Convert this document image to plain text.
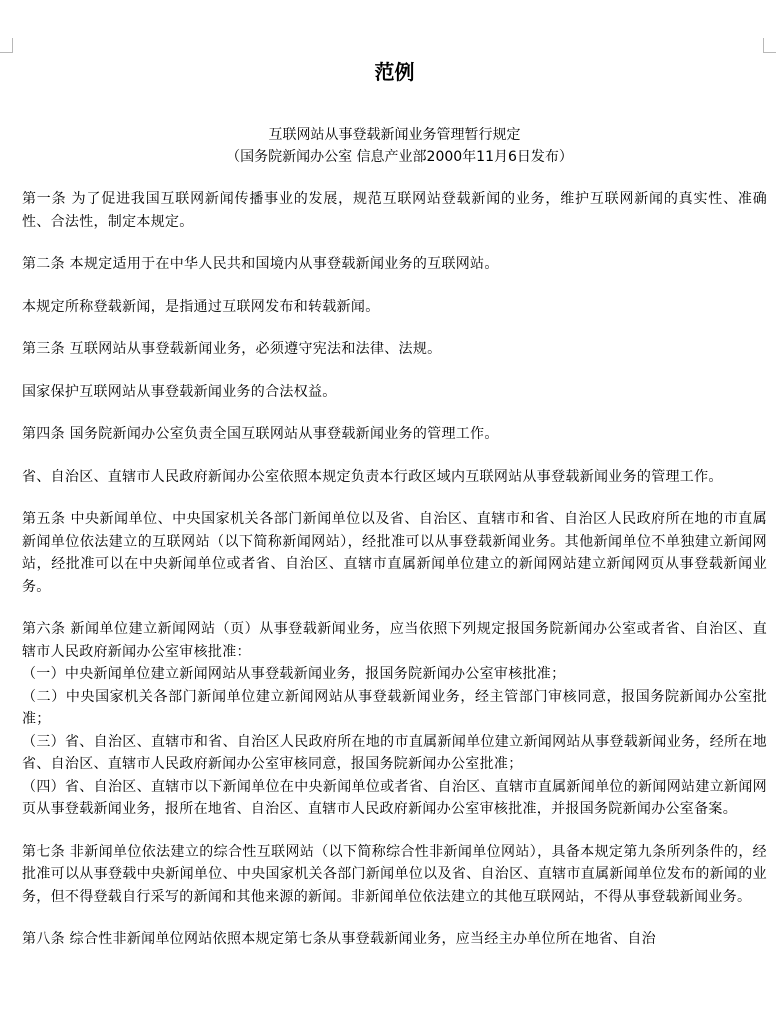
范例
互联网站从事登载新闻业务管理暂行规定
（国务院新闻办公室 信息产业部2000年11月6日发布）

第一条 为了促进我国互联网新闻传播事业的发展，规范互联网站登载新闻的业务，维护互联网新闻的真实性、准确性、合法性，制定本规定。

第二条 本规定适用于在中华人民共和国境内从事登载新闻业务的互联网站。

本规定所称登载新闻，是指通过互联网发布和转载新闻。

第三条 互联网站从事登载新闻业务，必须遵守宪法和法律、法规。

国家保护互联网站从事登载新闻业务的合法权益。

第四条 国务院新闻办公室负责全国互联网站从事登载新闻业务的管理工作。

省、自治区、直辖市人民政府新闻办公室依照本规定负责本行政区域内互联网站从事登载新闻业务的管理工作。

第五条 中央新闻单位、中央国家机关各部门新闻单位以及省、自治区、直辖市和省、自治区人民政府所在地的市直属新闻单位依法建立的互联网站（以下简称新闻网站），经批准可以从事登载新闻业务。其他新闻单位不单独建立新闻网站，经批准可以在中央新闻单位或者省、自治区、直辖市直属新闻单位建立的新闻网站建立新闻网页从事登载新闻业务。

第六条 新闻单位建立新闻网站（页）从事登载新闻业务，应当依照下列规定报国务院新闻办公室或者省、自治区、直辖市人民政府新闻办公室审核批准：

（一）中央新闻单位建立新闻网站从事登载新闻业务，报国务院新闻办公室审核批准；

（二）中央国家机关各部门新闻单位建立新闻网站从事登载新闻业务，经主管部门审核同意，报国务院新闻办公室批准；

（三）省、自治区、直辖市和省、自治区人民政府所在地的市直属新闻单位建立新闻网站从事登载新闻业务，经所在地省、自治区、直辖市人民政府新闻办公室审核同意，报国务院新闻办公室批准；

（四）省、自治区、直辖市以下新闻单位在中央新闻单位或者省、自治区、直辖市直属新闻单位的新闻网站建立新闻网页从事登载新闻业务，报所在地省、自治区、直辖市人民政府新闻办公室审核批准，并报国务院新闻办公室备案。

第七条 非新闻单位依法建立的综合性互联网站（以下简称综合性非新闻单位网站），具备本规定第九条所列条件的，经批准可以从事登载中央新闻单位、中央国家机关各部门新闻单位以及省、自治区、直辖市直属新闻单位发布的新闻的业务，但不得登载自行采写的新闻和其他来源的新闻。非新闻单位依法建立的其他互联网站，不得从事登载新闻业务。

第八条 综合性非新闻单位网站依照本规定第七条从事登载新闻业务，应当经主办单位所在地省、自治
